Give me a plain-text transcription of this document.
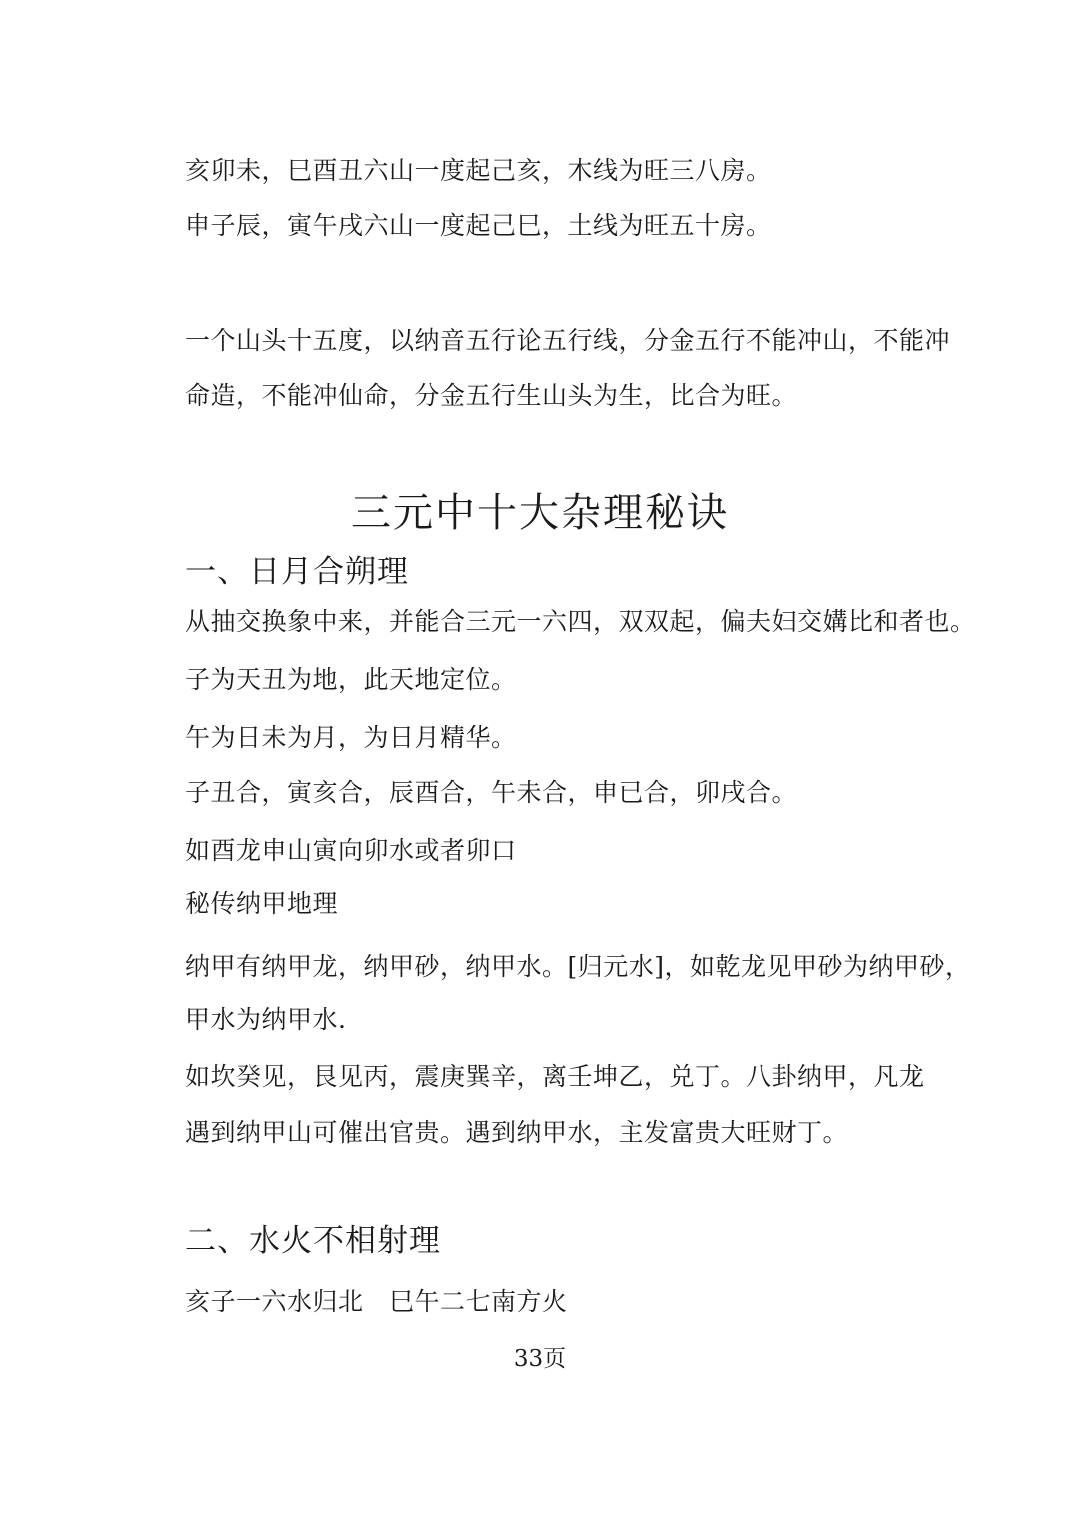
亥卯未，巳酉丑六山一度起己亥，木线为旺三八房。
申子辰，寅午戌六山一度起己巳，土线为旺五十房。
一个山头十五度，以纳音五行论五行线，分金五行不能冲山，不能冲
命造，不能冲仙命，分金五行生山头为生，比合为旺。
三元中十大杂理秘诀
一、日月合朔理
从抽交换象中来，并能合三元一六四，双双起，偏夫妇交媾比和者也。
子为天丑为地，此天地定位。
午为日未为月，为日月精华。
子丑合，寅亥合，辰酉合，午未合，申已合，卯戌合。
如酉龙申山寅向卯水或者卯口
秘传纳甲地理
纳甲有纳甲龙，纳甲砂，纳甲水。[归元水]，如乾龙见甲砂为纳甲砂，
甲水为纳甲水.
如坎癸见，艮见丙，震庚巽辛，离壬坤乙，兑丁。八卦纳甲，凡龙
遇到纳甲山可催出官贵。遇到纳甲水，主发富贵大旺财丁。
二、水火不相射理
亥子一六水归北　巳午二七南方火
33页
